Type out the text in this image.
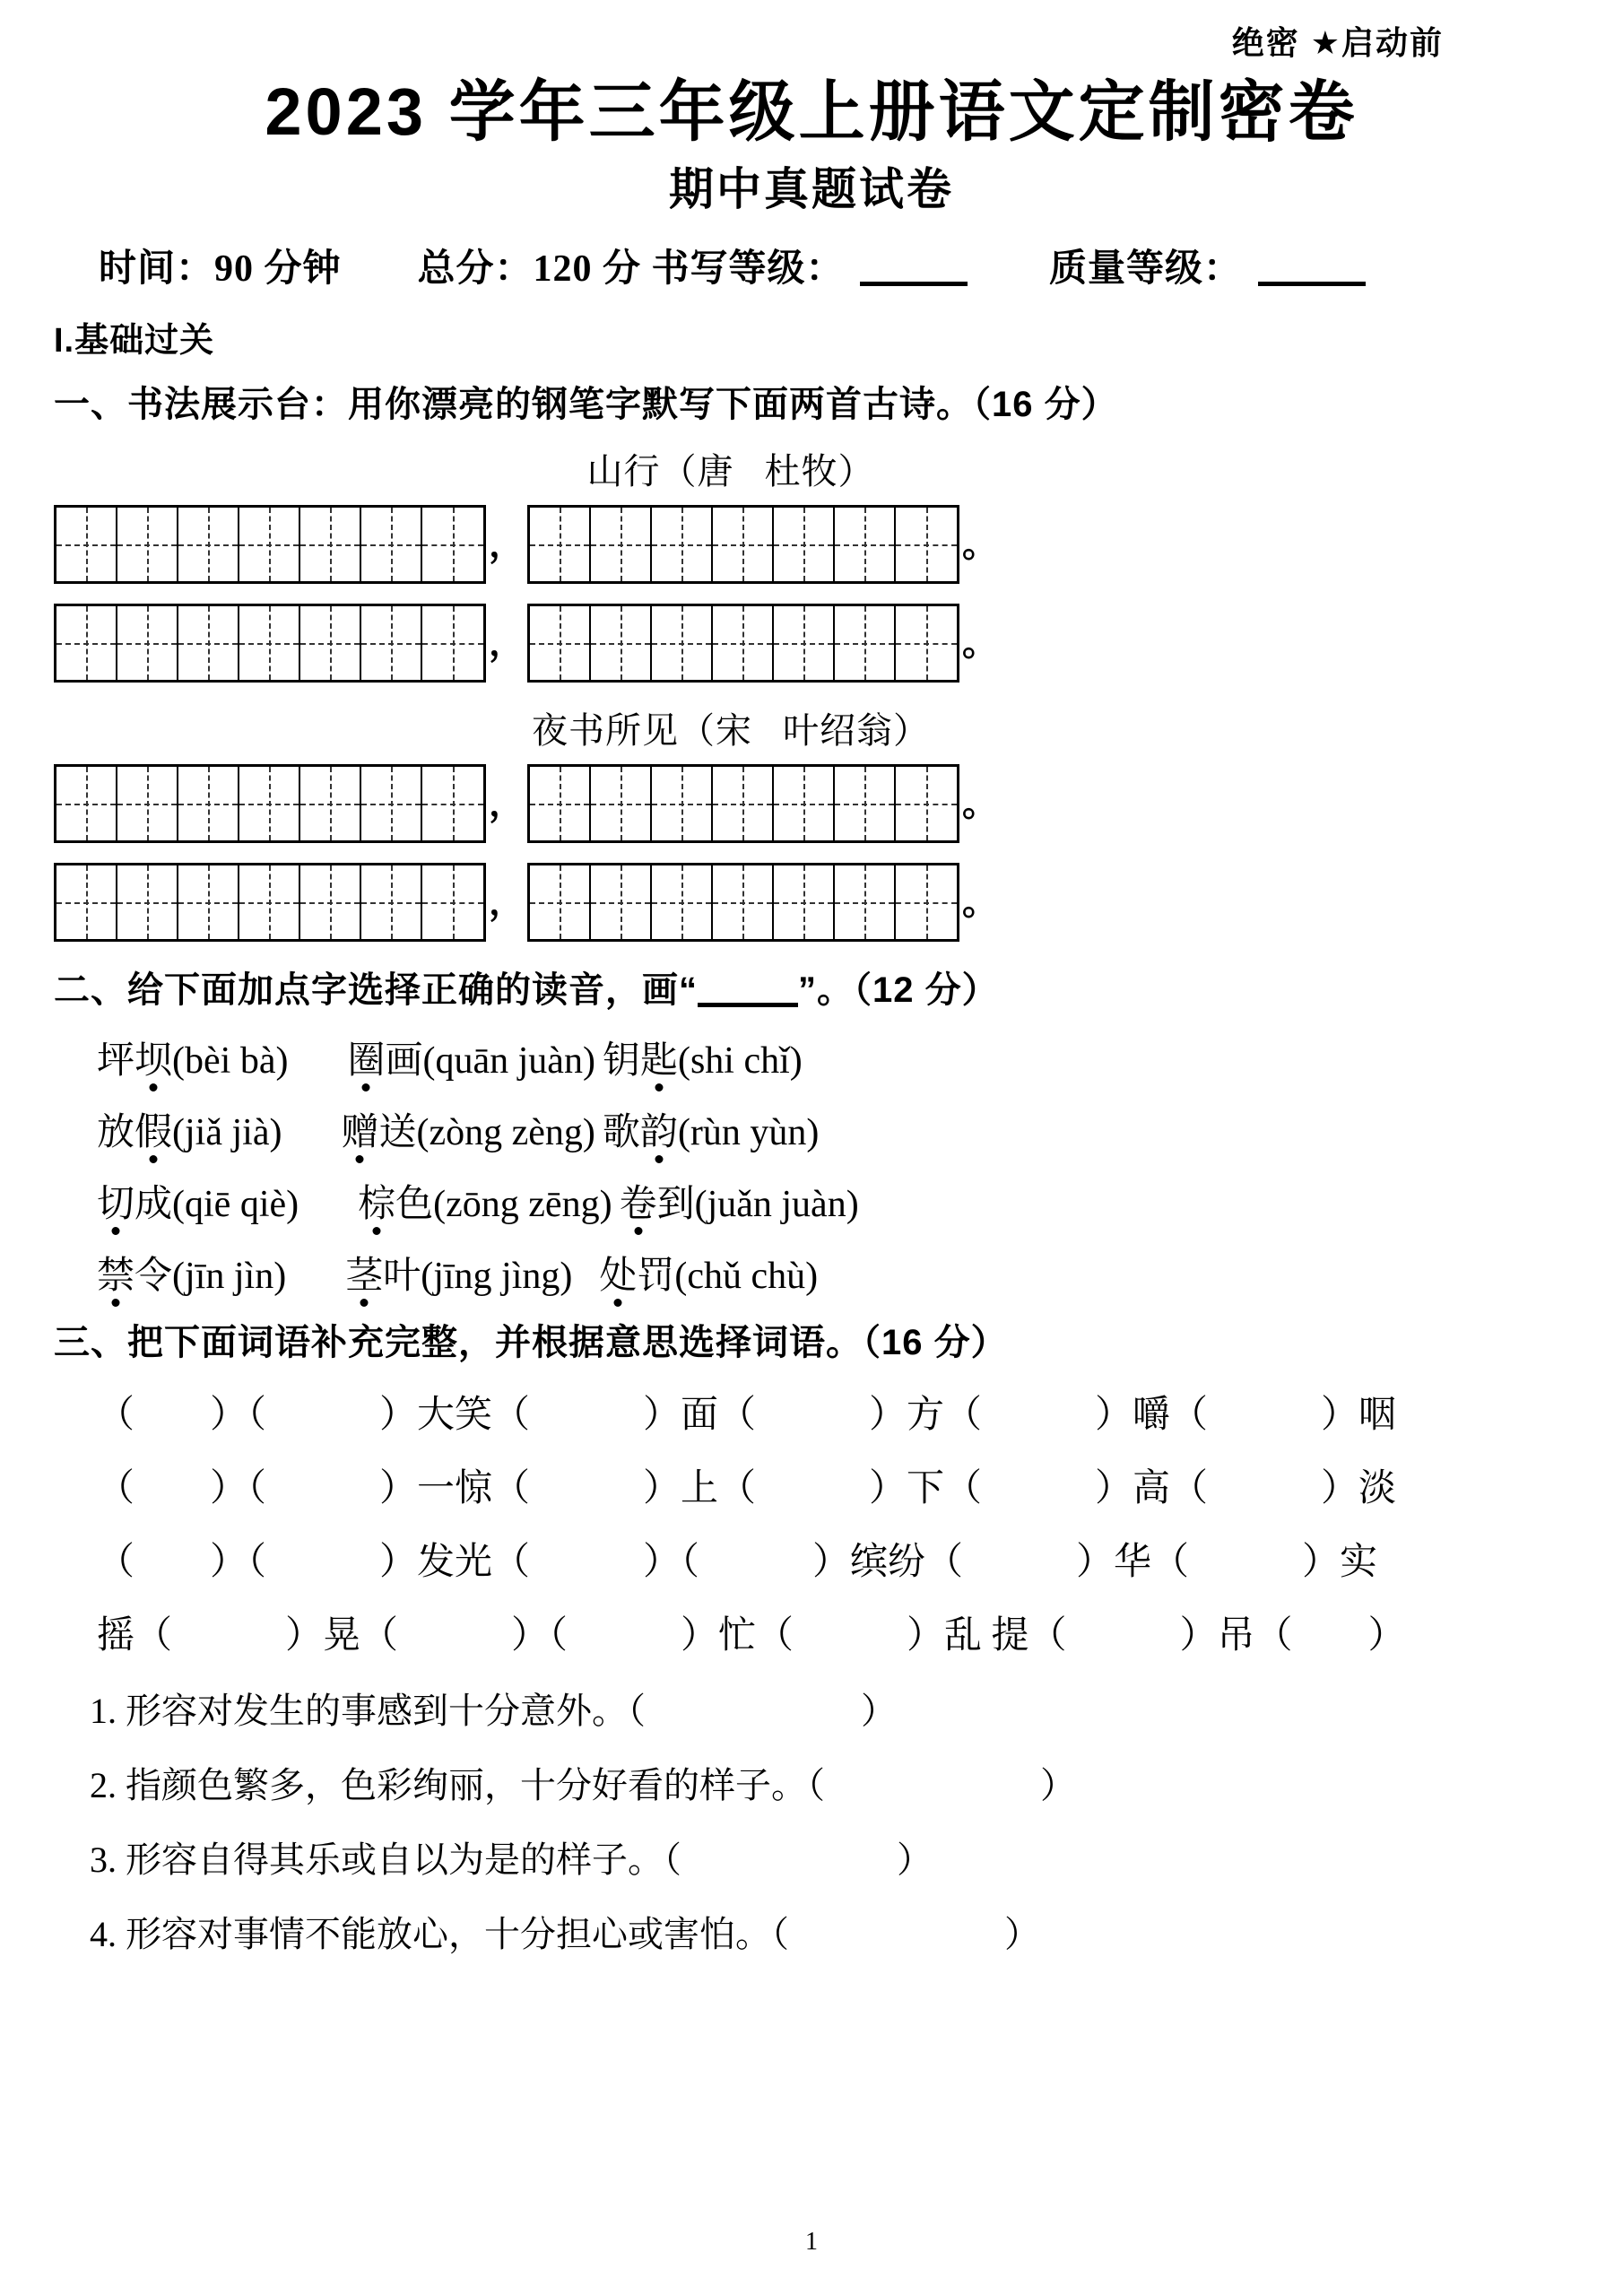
绝密 ★启动前
2023 学年三年级上册语文定制密卷
期中真题试卷
时间：90 分钟 总分：120 分 书写等级：	质量等级：
I.基础过关
一、书法展示台：用你漂亮的钢笔字默写下面两首古诗。（16 分）
山行（唐 杜牧）
，	。
，	。
夜书所见（宋 叶绍翁）
，	。
，	。
二、给下面加点字选择正确的读音，画“	”。（12 分）
坪坝(bèi bà) 圈画(quān juàn) 钥匙(shi chǐ)
放假(jiǎ jià) 赠送(zòng zèng) 歌韵(rùn yùn)
切成(qiē qiè) 棕色(zōng zēng) 卷到(juǎn juàn)
禁令(jīn jìn) 茎叶(jīng jìng) 处罚(chǔ chù)
三、把下面词语补充完整，并根据意思选择词语。（16 分）
（　　）（　　　）大笑（　　　）面（　　　）方（　　　）嚼（　　　）咽
（　　）（　　　）一惊（　　　）上（　　　）下（　　　）高（　　　）淡
（　　）（　　　）发光（　　　）（　　　）缤纷（　　　）华（　　　）实
摇（　　　）晃（　　　）（　　　）忙（　　　）乱 提（　　　）吊（　　）
1. 形容对发生的事感到十分意外。（　　　　　　）
2. 指颜色繁多，色彩绚丽，十分好看的样子。（　　　　　　）
3. 形容自得其乐或自以为是的样子。（　　　　　　）
4. 形容对事情不能放心，十分担心或害怕。（　　　　　　）
1
